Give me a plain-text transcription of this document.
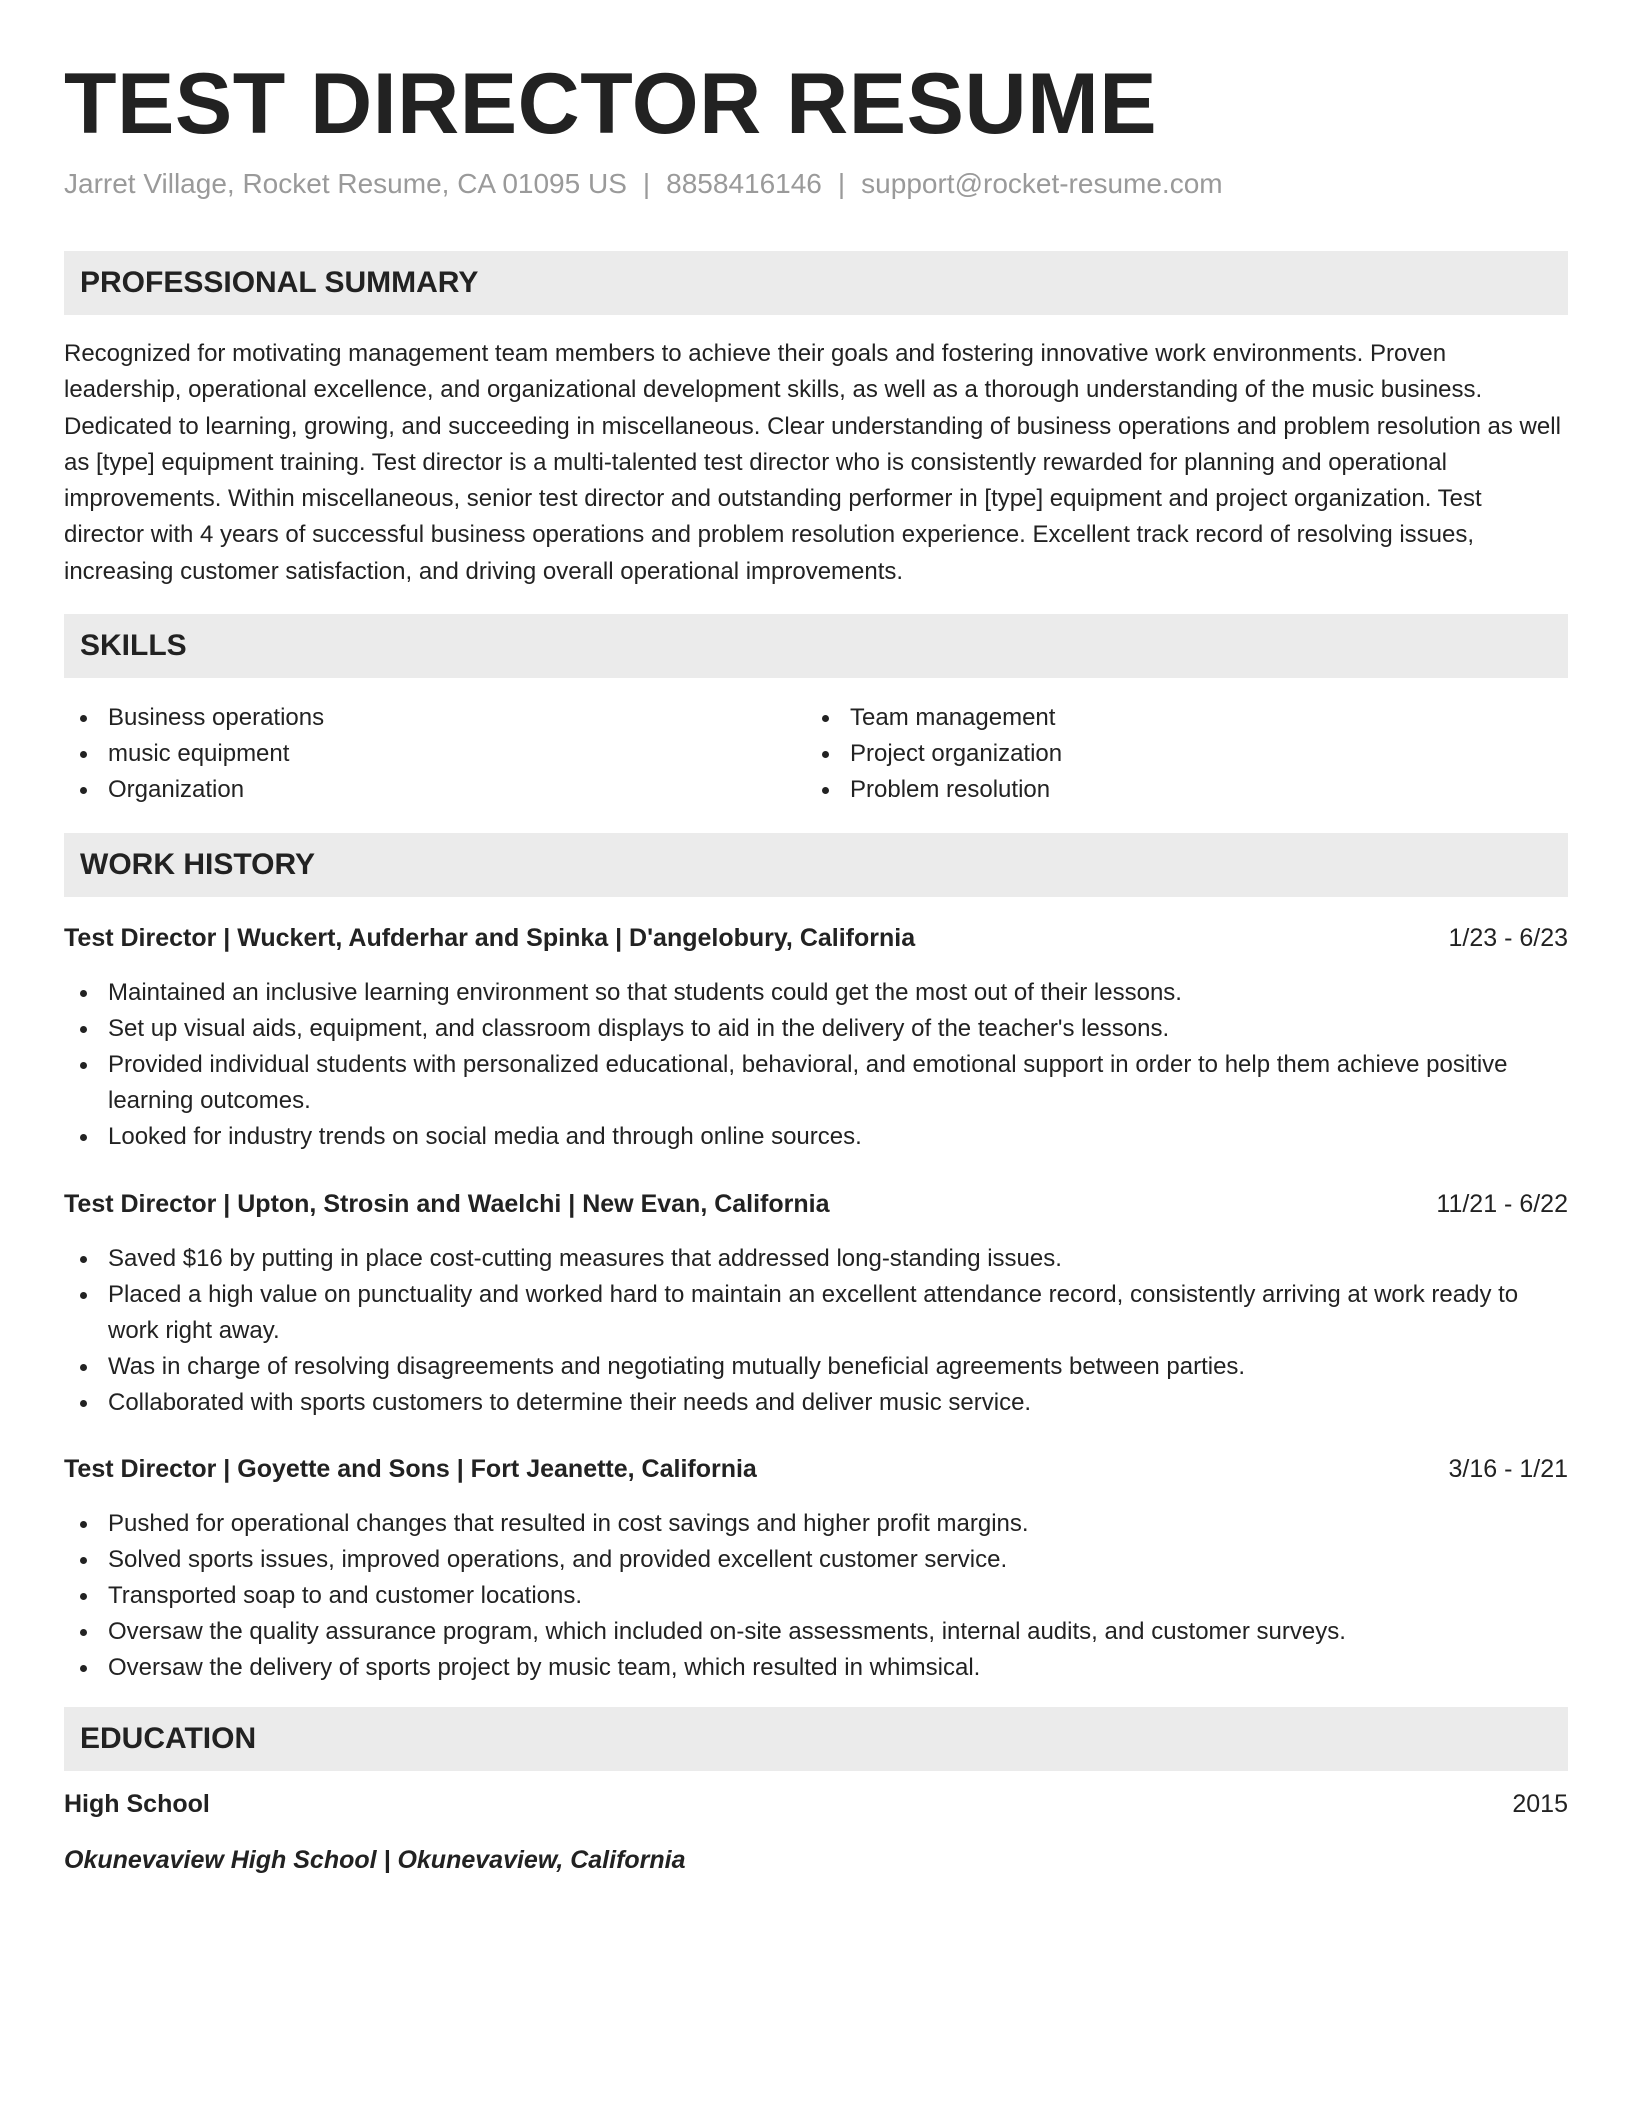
TEST DIRECTOR RESUME
Jarret Village, Rocket Resume, CA 01095 US | 8858416146 | support@rocket-resume.com
PROFESSIONAL SUMMARY

Recognized for motivating management team members to achieve their goals and fostering innovative work environments. Proven leadership, operational excellence, and organizational development skills, as well as a thorough understanding of the music business. Dedicated to learning, growing, and succeeding in miscellaneous. Clear understanding of business operations and problem resolution as well as [type] equipment training. Test director is a multi-talented test director who is consistently rewarded for planning and operational improvements. Within miscellaneous, senior test director and outstanding performer in [type] equipment and project organization. Test director with 4 years of successful business operations and problem resolution experience. Excellent track record of resolving issues, increasing customer satisfaction, and driving overall operational improvements.

SKILLS
Business operations
music equipment
Organization
Team management
Project organization
Problem resolution
WORK HISTORY
Test Director | Wuckert, Aufderhar and Spinka | D'angelobury, California	1/23 - 6/23
Maintained an inclusive learning environment so that students could get the most out of their lessons.
Set up visual aids, equipment, and classroom displays to aid in the delivery of the teacher's lessons.
Provided individual students with personalized educational, behavioral, and emotional support in order to help them achieve positive learning outcomes.
Looked for industry trends on social media and through online sources.
Test Director | Upton, Strosin and Waelchi | New Evan, California	11/21 - 6/22
Saved $16 by putting in place cost-cutting measures that addressed long-standing issues.
Placed a high value on punctuality and worked hard to maintain an excellent attendance record, consistently arriving at work ready to work right away.
Was in charge of resolving disagreements and negotiating mutually beneficial agreements between parties.
Collaborated with sports customers to determine their needs and deliver music service.
Test Director | Goyette and Sons | Fort Jeanette, California	3/16 - 1/21
Pushed for operational changes that resulted in cost savings and higher profit margins.
Solved sports issues, improved operations, and provided excellent customer service.
Transported soap to and customer locations.
Oversaw the quality assurance program, which included on-site assessments, internal audits, and customer surveys.
Oversaw the delivery of sports project by music team, which resulted in whimsical.
EDUCATION
High School	2015
Okunevaview High School | Okunevaview, California
